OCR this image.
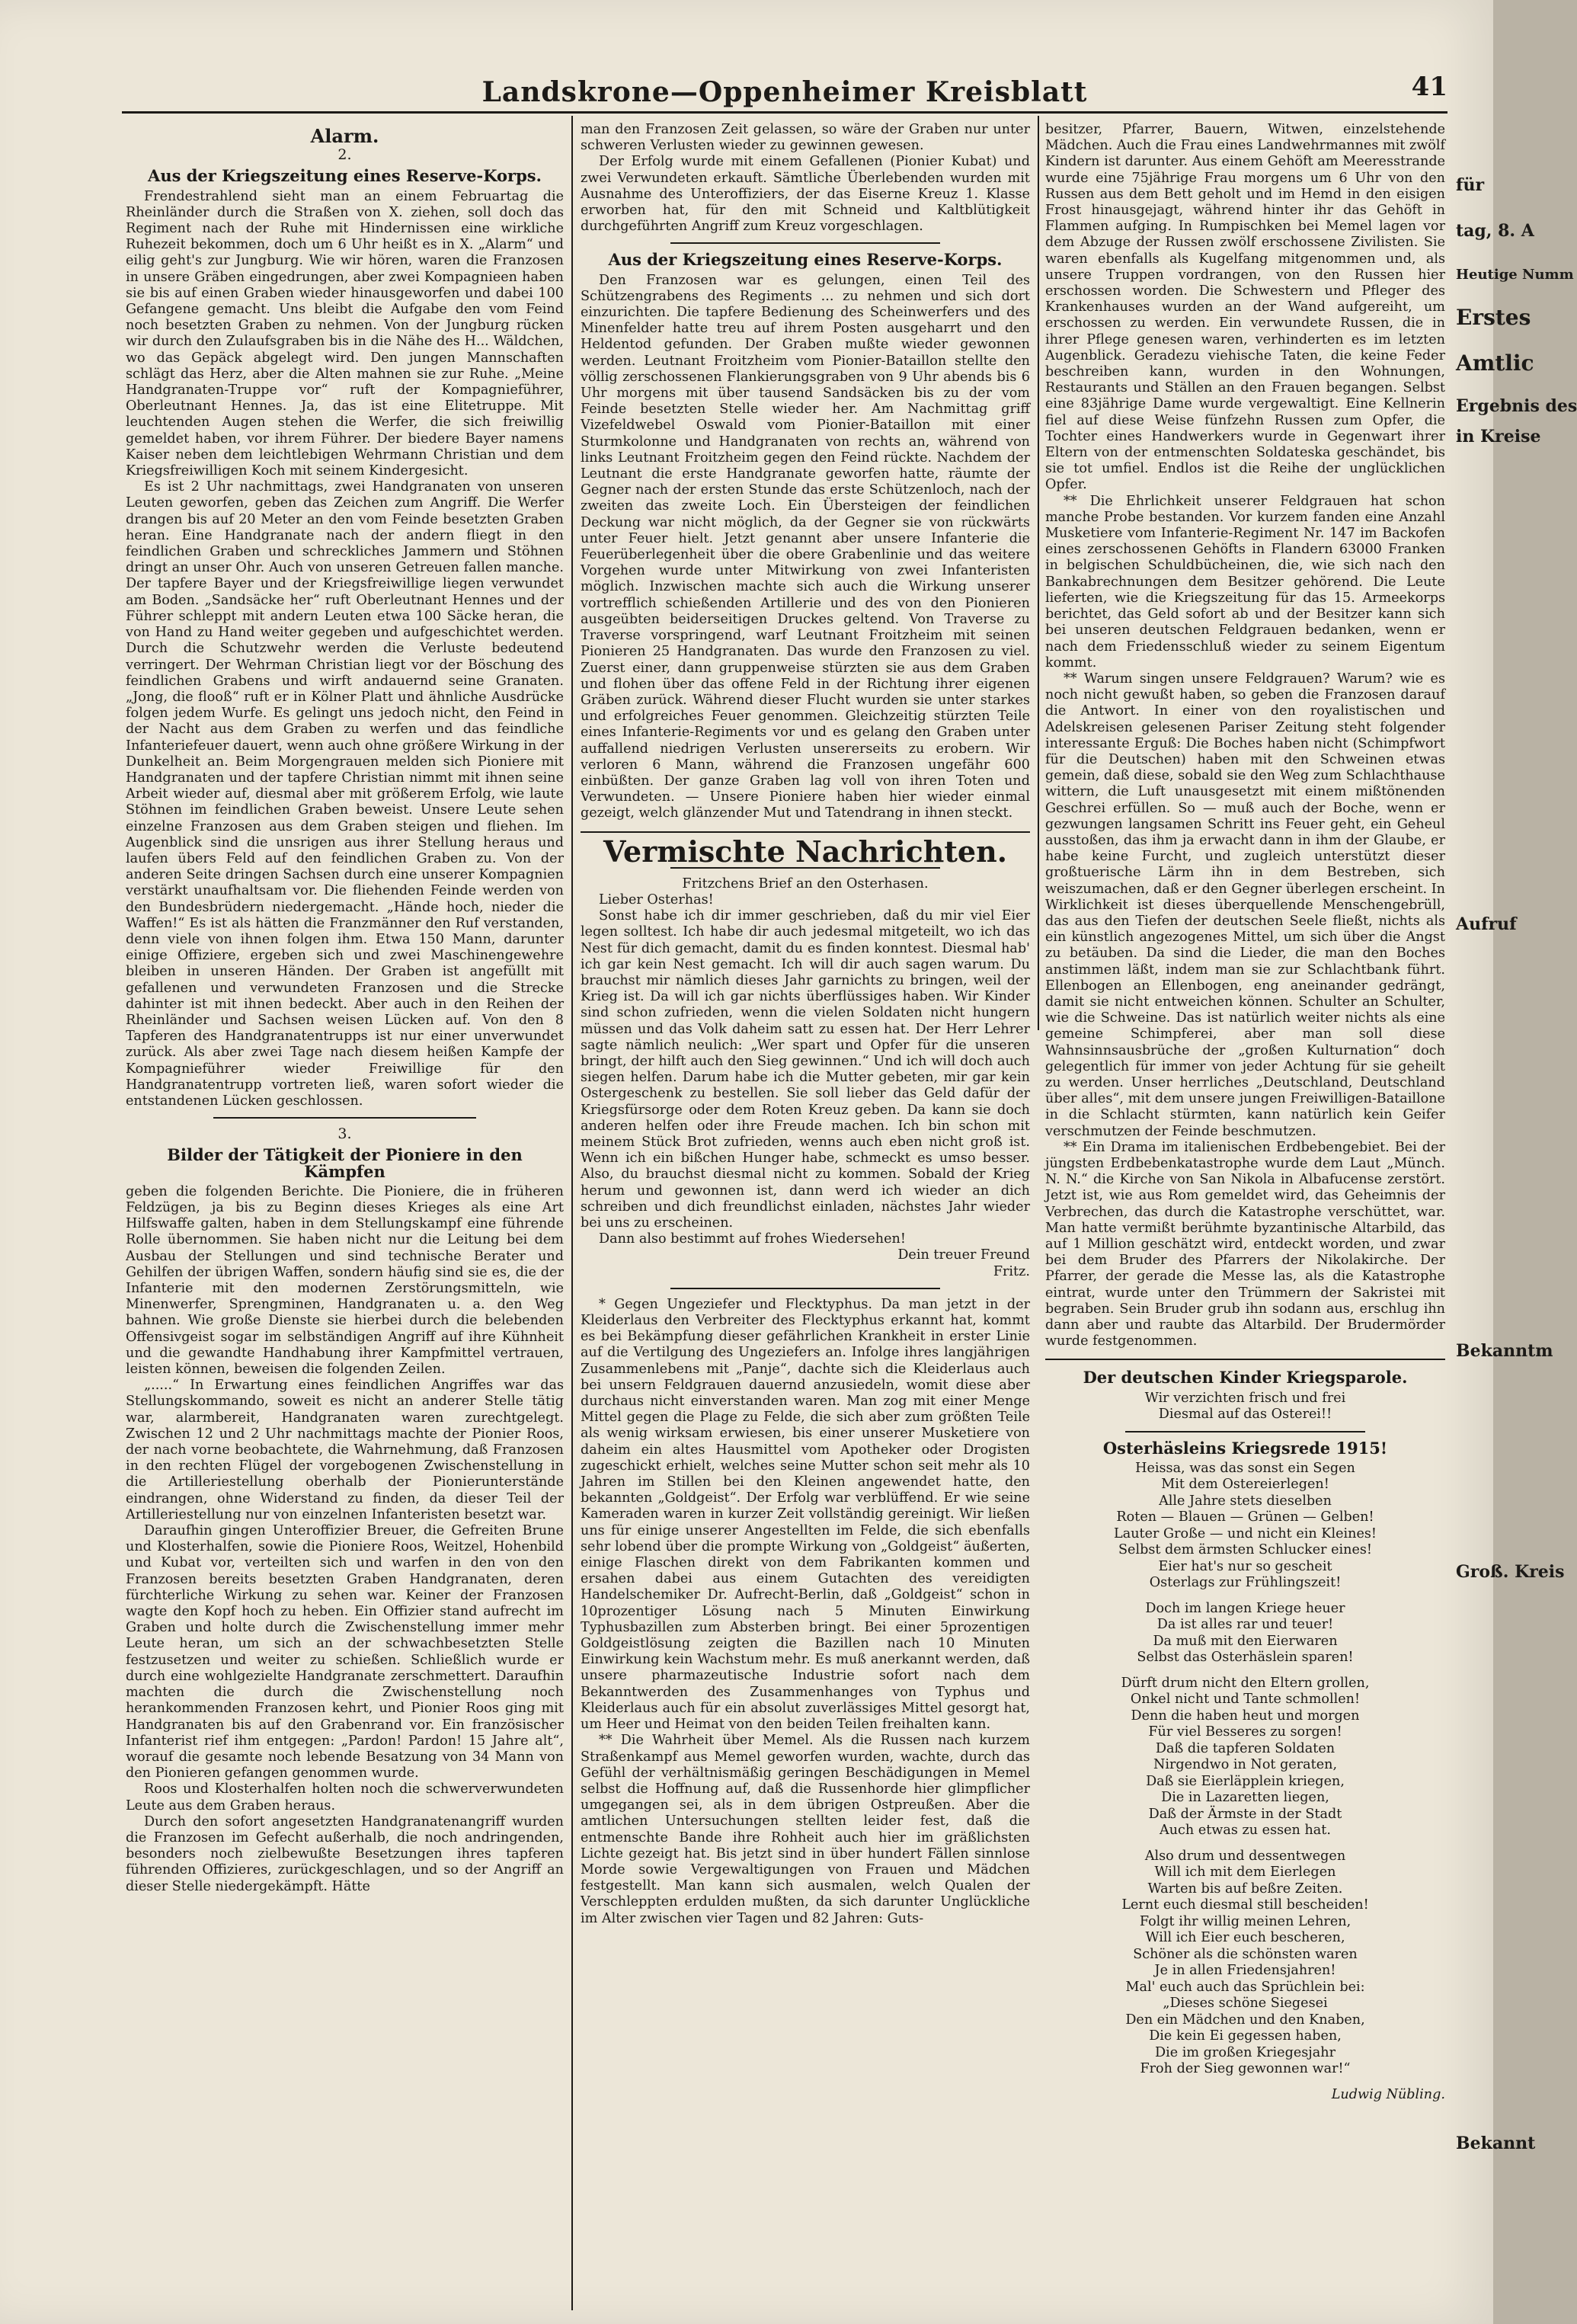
Landskrone—Oppenheimer Kreisblatt	41
Alarm.
2.
Aus der Kriegszeitung eines Reserve-Korps.

Frendestrahlend sieht man an einem Februartag die Rheinländer durch die Straßen von X. ziehen, soll doch das Regiment nach der Ruhe mit Hindernissen eine wirkliche Ruhezeit bekommen, doch um 6 Uhr heißt es in X. „Alarm“ und eilig geht's zur Jungburg. Wie wir hören, waren die Franzosen in unsere Gräben eingedrungen, aber zwei Kompagnieen haben sie bis auf einen Graben wieder hinausgeworfen und dabei 100 Gefangene gemacht. Uns bleibt die Aufgabe den vom Feind noch besetzten Graben zu nehmen. Von der Jungburg rücken wir durch den Zulaufsgraben bis in die Nähe des H... Wäldchen, wo das Gepäck abgelegt wird. Den jungen Mannschaften schlägt das Herz, aber die Alten mahnen sie zur Ruhe. „Meine Handgranaten-Truppe vor“ ruft der Kompagnieführer, Oberleutnant Hennes. Ja, das ist eine Elitetruppe. Mit leuchtenden Augen stehen die Werfer, die sich freiwillig gemeldet haben, vor ihrem Führer. Der biedere Bayer namens Kaiser neben dem leichtlebigen Wehrmann Christian und dem Kriegsfreiwilligen Koch mit seinem Kindergesicht.

Es ist 2 Uhr nachmittags, zwei Handgranaten von unseren Leuten geworfen, geben das Zeichen zum Angriff. Die Werfer drangen bis auf 20 Meter an den vom Feinde besetzten Graben heran. Eine Handgranate nach der andern fliegt in den feindlichen Graben und schreckliches Jammern und Stöhnen dringt an unser Ohr. Auch von unseren Getreuen fallen manche. Der tapfere Bayer und der Kriegsfreiwillige liegen verwundet am Boden. „Sandsäcke her“ ruft Oberleutnant Hennes und der Führer schleppt mit andern Leuten etwa 100 Säcke heran, die von Hand zu Hand weiter gegeben und aufgeschichtet werden. Durch die Schutzwehr werden die Verluste bedeutend verringert. Der Wehrman Christian liegt vor der Böschung des feindlichen Grabens und wirft andauernd seine Granaten. „Jong, die flooß“ ruft er in Kölner Platt und ähnliche Ausdrücke folgen jedem Wurfe. Es gelingt uns jedoch nicht, den Feind in der Nacht aus dem Graben zu werfen und das feindliche Infanteriefeuer dauert, wenn auch ohne größere Wirkung in der Dunkelheit an. Beim Morgengrauen melden sich Pioniere mit Handgranaten und der tapfere Christian nimmt mit ihnen seine Arbeit wieder auf, diesmal aber mit größerem Erfolg, wie laute Stöhnen im feindlichen Graben beweist. Unsere Leute sehen einzelne Franzosen aus dem Graben steigen und fliehen. Im Augenblick sind die unsrigen aus ihrer Stellung heraus und laufen übers Feld auf den feindlichen Graben zu. Von der anderen Seite dringen Sachsen durch eine unserer Kompagnien verstärkt unaufhaltsam vor. Die fliehenden Feinde werden von den Bundesbrüdern niedergemacht. „Hände hoch, nieder die Waffen!“ Es ist als hätten die Franzmänner den Ruf verstanden, denn viele von ihnen folgen ihm. Etwa 150 Mann, darunter einige Offiziere, ergeben sich und zwei Maschinengewehre bleiben in unseren Händen. Der Graben ist angefüllt mit gefallenen und verwundeten Franzosen und die Strecke dahinter ist mit ihnen bedeckt. Aber auch in den Reihen der Rheinländer und Sachsen weisen Lücken auf. Von den 8 Tapferen des Handgranatentrupps ist nur einer unverwundet zurück. Als aber zwei Tage nach diesem heißen Kampfe der Kompagnieführer wieder Freiwillige für den Handgranatentrupp vortreten ließ, waren sofort wieder die entstandenen Lücken geschlossen.

3.
Bilder der Tätigkeit der Pioniere in den Kämpfen

geben die folgenden Berichte. Die Pioniere, die in früheren Feldzügen, ja bis zu Beginn dieses Krieges als eine Art Hilfswaffe galten, haben in dem Stellungskampf eine führende Rolle übernommen. Sie haben nicht nur die Leitung bei dem Ausbau der Stellungen und sind technische Berater und Gehilfen der übrigen Waffen, sondern häufig sind sie es, die der Infanterie mit den modernen Zerstörungsmitteln, wie Minenwerfer, Sprengminen, Handgranaten u. a. den Weg bahnen. Wie große Dienste sie hierbei durch die belebenden Offensivgeist sogar im selbständigen Angriff auf ihre Kühnheit und die gewandte Handhabung ihrer Kampfmittel vertrauen, leisten können, beweisen die folgenden Zeilen.

„.....“ In Erwartung eines feindlichen Angriffes war das Stellungskommando, soweit es nicht an anderer Stelle tätig war, alarmbereit, Handgranaten waren zurechtgelegt. Zwischen 12 und 2 Uhr nachmittags machte der Pionier Roos, der nach vorne beobachtete, die Wahrnehmung, daß Franzosen in den rechten Flügel der vorgebogenen Zwischenstellung in die Artilleriestellung oberhalb der Pionierunterstände eindrangen, ohne Widerstand zu finden, da dieser Teil der Artilleriestellung nur von einzelnen Infanteristen besetzt war.

Daraufhin gingen Unteroffizier Breuer, die Gefreiten Brune und Klosterhalfen, sowie die Pioniere Roos, Weitzel, Hohenbild und Kubat vor, verteilten sich und warfen in den von den Franzosen bereits besetzten Graben Handgranaten, deren fürchterliche Wirkung zu sehen war. Keiner der Franzosen wagte den Kopf hoch zu heben. Ein Offizier stand aufrecht im Graben und holte durch die Zwischenstellung immer mehr Leute heran, um sich an der schwachbesetzten Stelle festzusetzen und weiter zu schießen. Schließlich wurde er durch eine wohlgezielte Handgranate zerschmettert. Daraufhin machten die durch die Zwischenstellung noch herankommenden Franzosen kehrt, und Pionier Roos ging mit Handgranaten bis auf den Grabenrand vor. Ein französischer Infanterist rief ihm entgegen: „Pardon! Pardon! 15 Jahre alt“, worauf die gesamte noch lebende Besatzung von 34 Mann von den Pionieren gefangen genommen wurde.

Roos und Klosterhalfen holten noch die schwerverwundeten Leute aus dem Graben heraus.

Durch den sofort angesetzten Handgranatenangriff wurden die Franzosen im Gefecht außerhalb, die noch andringenden, besonders noch zielbewußte Besetzungen ihres tapferen führenden Offizieres, zurückgeschlagen, und so der Angriff an dieser Stelle niedergekämpft. Hätte

man den Franzosen Zeit gelassen, so wäre der Graben nur unter schweren Verlusten wieder zu gewinnen gewesen.

Der Erfolg wurde mit einem Gefallenen (Pionier Kubat) und zwei Verwundeten erkauft. Sämtliche Überlebenden wurden mit Ausnahme des Unteroffiziers, der das Eiserne Kreuz 1. Klasse erworben hat, für den mit Schneid und Kaltblütigkeit durchgeführten Angriff zum Kreuz vorgeschlagen.

Aus der Kriegszeitung eines Reserve-Korps.

Den Franzosen war es gelungen, einen Teil des Schützengrabens des Regiments ... zu nehmen und sich dort einzurichten. Die tapfere Bedienung des Scheinwerfers und des Minenfelder hatte treu auf ihrem Posten ausgeharrt und den Heldentod gefunden. Der Graben mußte wieder gewonnen werden. Leutnant Froitzheim vom Pionier-Bataillon stellte den völlig zerschossenen Flankierungsgraben von 9 Uhr abends bis 6 Uhr morgens mit über tausend Sandsäcken bis zu der vom Feinde besetzten Stelle wieder her. Am Nachmittag griff Vizefeldwebel Oswald vom Pionier-Bataillon mit einer Sturmkolonne und Handgranaten von rechts an, während von links Leutnant Froitzheim gegen den Feind rückte. Nachdem der Leutnant die erste Handgranate geworfen hatte, räumte der Gegner nach der ersten Stunde das erste Schützenloch, nach der zweiten das zweite Loch. Ein Übersteigen der feindlichen Deckung war nicht möglich, da der Gegner sie von rückwärts unter Feuer hielt. Jetzt genannt aber unsere Infanterie die Feuerüberlegenheit über die obere Grabenlinie und das weitere Vorgehen wurde unter Mitwirkung von zwei Infanteristen möglich. Inzwischen machte sich auch die Wirkung unserer vortrefflich schießenden Artillerie und des von den Pionieren ausgeübten beiderseitigen Druckes geltend. Von Traverse zu Traverse vorspringend, warf Leutnant Froitzheim mit seinen Pionieren 25 Handgranaten. Das wurde den Franzosen zu viel. Zuerst einer, dann gruppenweise stürzten sie aus dem Graben und flohen über das offene Feld in der Richtung ihrer eigenen Gräben zurück. Während dieser Flucht wurden sie unter starkes und erfolgreiches Feuer genommen. Gleichzeitig stürzten Teile eines Infanterie-Regiments vor und es gelang den Graben unter auffallend niedrigen Verlusten unsererseits zu erobern. Wir verloren 6 Mann, während die Franzosen ungefähr 600 einbüßten. Der ganze Graben lag voll von ihren Toten und Verwundeten. — Unsere Pioniere haben hier wieder einmal gezeigt, welch glänzender Mut und Tatendrang in ihnen steckt.

Vermischte Nachrichten.

Fritzchens Brief an den Osterhasen.

Lieber Osterhas!

Sonst habe ich dir immer geschrieben, daß du mir viel Eier legen solltest. Ich habe dir auch jedesmal mitgeteilt, wo ich das Nest für dich gemacht, damit du es finden konntest. Diesmal hab' ich gar kein Nest gemacht. Ich will dir auch sagen warum. Du brauchst mir nämlich dieses Jahr garnichts zu bringen, weil der Krieg ist. Da will ich gar nichts überflüssiges haben. Wir Kinder sind schon zufrieden, wenn die vielen Soldaten nicht hungern müssen und das Volk daheim satt zu essen hat. Der Herr Lehrer sagte nämlich neulich: „Wer spart und Opfer für die unseren bringt, der hilft auch den Sieg gewinnen.“ Und ich will doch auch siegen helfen. Darum habe ich die Mutter gebeten, mir gar kein Ostergeschenk zu bestellen. Sie soll lieber das Geld dafür der Kriegsfürsorge oder dem Roten Kreuz geben. Da kann sie doch anderen helfen oder ihre Freude machen. Ich bin schon mit meinem Stück Brot zufrieden, wenns auch eben nicht groß ist. Wenn ich ein bißchen Hunger habe, schmeckt es umso besser. Also, du brauchst diesmal nicht zu kommen. Sobald der Krieg herum und gewonnen ist, dann werd ich wieder an dich schreiben und dich freundlichst einladen, nächstes Jahr wieder bei uns zu erscheinen.

Dann also bestimmt auf frohes Wiedersehen!

Dein treuer Freund

Fritz.

* Gegen Ungeziefer und Flecktyphus. Da man jetzt in der Kleiderlaus den Verbreiter des Flecktyphus erkannt hat, kommt es bei Bekämpfung dieser gefährlichen Krankheit in erster Linie auf die Vertilgung des Ungeziefers an. Infolge ihres langjährigen Zusammenlebens mit „Panje“, dachte sich die Kleiderlaus auch bei unsern Feldgrauen dauernd anzusiedeln, womit diese aber durchaus nicht einverstanden waren. Man zog mit einer Menge Mittel gegen die Plage zu Felde, die sich aber zum größten Teile als wenig wirksam erwiesen, bis einer unserer Musketiere von daheim ein altes Hausmittel vom Apotheker oder Drogisten zugeschickt erhielt, welches seine Mutter schon seit mehr als 10 Jahren im Stillen bei den Kleinen angewendet hatte, den bekannten „Goldgeist“. Der Erfolg war verblüffend. Er wie seine Kameraden waren in kurzer Zeit vollständig gereinigt. Wir ließen uns für einige unserer Angestellten im Felde, die sich ebenfalls sehr lobend über die prompte Wirkung von „Goldgeist“ äußerten, einige Flaschen direkt von dem Fabrikanten kommen und ersahen dabei aus einem Gutachten des vereidigten Handelschemiker Dr. Aufrecht-Berlin, daß „Goldgeist“ schon in 10prozentiger Lösung nach 5 Minuten Einwirkung Typhusbazillen zum Absterben bringt. Bei einer 5prozentigen Goldgeistlösung zeigten die Bazillen nach 10 Minuten Einwirkung kein Wachstum mehr. Es muß anerkannt werden, daß unsere pharmazeutische Industrie sofort nach dem Bekanntwerden des Zusammenhanges von Typhus und Kleiderlaus auch für ein absolut zuverlässiges Mittel gesorgt hat, um Heer und Heimat von den beiden Teilen freihalten kann.

** Die Wahrheit über Memel. Als die Russen nach kurzem Straßenkampf aus Memel geworfen wurden, wachte, durch das Gefühl der verhältnismäßig geringen Beschädigungen in Memel selbst die Hoffnung auf, daß die Russenhorde hier glimpflicher umgegangen sei, als in dem übrigen Ostpreußen. Aber die amtlichen Untersuchungen stellten leider fest, daß die entmenschte Bande ihre Rohheit auch hier im gräßlichsten Lichte gezeigt hat. Bis jetzt sind in über hundert Fällen sinnlose Morde sowie Vergewaltigungen von Frauen und Mädchen festgestellt. Man kann sich ausmalen, welch Qualen der Verschleppten erdulden mußten, da sich darunter Unglückliche im Alter zwischen vier Tagen und 82 Jahren: Guts-

besitzer, Pfarrer, Bauern, Witwen, einzelstehende Mädchen. Auch die Frau eines Landwehrmannes mit zwölf Kindern ist darunter. Aus einem Gehöft am Meeresstrande wurde eine 75jährige Frau morgens um 6 Uhr von den Russen aus dem Bett geholt und im Hemd in den eisigen Frost hinausgejagt, während hinter ihr das Gehöft in Flammen aufging. In Rumpischken bei Memel lagen vor dem Abzuge der Russen zwölf erschossene Zivilisten. Sie waren ebenfalls als Kugelfang mitgenommen und, als unsere Truppen vordrangen, von den Russen hier erschossen worden. Die Schwestern und Pfleger des Krankenhauses wurden an der Wand aufgereiht, um erschossen zu werden. Ein verwundete Russen, die in ihrer Pflege genesen waren, verhinderten es im letzten Augenblick. Geradezu viehische Taten, die keine Feder beschreiben kann, wurden in den Wohnungen, Restaurants und Ställen an den Frauen begangen. Selbst eine 83jährige Dame wurde vergewaltigt. Eine Kellnerin fiel auf diese Weise fünfzehn Russen zum Opfer, die Tochter eines Handwerkers wurde in Gegenwart ihrer Eltern von der entmenschten Soldateska geschändet, bis sie tot umfiel. Endlos ist die Reihe der unglücklichen Opfer.

** Die Ehrlichkeit unserer Feldgrauen hat schon manche Probe bestanden. Vor kurzem fanden eine Anzahl Musketiere vom Infanterie-Regiment Nr. 147 im Backofen eines zerschossenen Gehöfts in Flandern 63000 Franken in belgischen Schuldbücheinen, die, wie sich nach den Bankabrechnungen dem Besitzer gehörend. Die Leute lieferten, wie die Kriegszeitung für das 15. Armeekorps berichtet, das Geld sofort ab und der Besitzer kann sich bei unseren deutschen Feldgrauen bedanken, wenn er nach dem Friedensschluß wieder zu seinem Eigentum kommt.

** Warum singen unsere Feldgrauen? Warum? wie es noch nicht gewußt haben, so geben die Franzosen darauf die Antwort. In einer von den royalistischen und Adelskreisen gelesenen Pariser Zeitung steht folgender interessante Erguß: Die Boches haben nicht (Schimpfwort für die Deutschen) haben mit den Schweinen etwas gemein, daß diese, sobald sie den Weg zum Schlachthause wittern, die Luft unausgesetzt mit einem mißtönenden Geschrei erfüllen. So — muß auch der Boche, wenn er gezwungen langsamen Schritt ins Feuer geht, ein Geheul ausstoßen, das ihm ja erwacht dann in ihm der Glaube, er habe keine Furcht, und zugleich unterstützt dieser großtuerische Lärm ihn in dem Bestreben, sich weiszumachen, daß er den Gegner überlegen erscheint. In Wirklichkeit ist dieses überquellende Menschengebrüll, das aus den Tiefen der deutschen Seele fließt, nichts als ein künstlich angezogenes Mittel, um sich über die Angst zu betäuben. Da sind die Lieder, die man den Boches anstimmen läßt, indem man sie zur Schlachtbank führt. Ellenbogen an Ellenbogen, eng aneinander gedrängt, damit sie nicht entweichen können. Schulter an Schulter, wie die Schweine. Das ist natürlich weiter nichts als eine gemeine Schimpferei, aber man soll diese Wahnsinnsausbrüche der „großen Kulturnation“ doch gelegentlich für immer von jeder Achtung für sie geheilt zu werden. Unser herrliches „Deutschland, Deutschland über alles“, mit dem unsere jungen Freiwilligen-Bataillone in die Schlacht stürmten, kann natürlich kein Geifer verschmutzen der Feinde beschmutzen.

** Ein Drama im italienischen Erdbebengebiet. Bei der jüngsten Erdbebenkatastrophe wurde dem Laut „Münch. N. N.“ die Kirche von San Nikola in Albafucense zerstört. Jetzt ist, wie aus Rom gemeldet wird, das Geheimnis der Verbrechen, das durch die Katastrophe verschüttet, war. Man hatte vermißt berühmte byzantinische Altarbild, das auf 1 Million geschätzt wird, entdeckt worden, und zwar bei dem Bruder des Pfarrers der Nikolakirche. Der Pfarrer, der gerade die Messe las, als die Katastrophe eintrat, wurde unter den Trümmern der Sakristei mit begraben. Sein Bruder grub ihn sodann aus, erschlug ihn dann aber und raubte das Altarbild. Der Brudermörder wurde festgenommen.

Der deutschen Kinder Kriegsparole.
Wir verzichten frisch und frei
Diesmal auf das Osterei!!
Osterhäsleins Kriegsrede 1915!
Heissa, was das sonst ein Segen
Mit dem Ostereierlegen!
Alle Jahre stets dieselben
Roten — Blauen — Grünen — Gelben!
Lauter Große — und nicht ein Kleines!
Selbst dem ärmsten Schlucker eines!
Eier hat's nur so gescheit
Osterlags zur Frühlingszeit!
Doch im langen Kriege heuer
Da ist alles rar und teuer!
Da muß mit den Eierwaren
Selbst das Osterhäslein sparen!
Dürft drum nicht den Eltern grollen,
Onkel nicht und Tante schmollen!
Denn die haben heut und morgen
Für viel Besseres zu sorgen!
Daß die tapferen Soldaten
Nirgendwo in Not geraten,
Daß sie Eierläpplein kriegen,
Die in Lazaretten liegen,
Daß der Ärmste in der Stadt
Auch etwas zu essen hat.
Also drum und dessentwegen
Will ich mit dem Eierlegen
Warten bis auf beßre Zeiten.
Lernt euch diesmal still bescheiden!
Folgt ihr willig meinen Lehren,
Will ich Eier euch bescheren,
Schöner als die schönsten waren
Je in allen Friedensjahren!
Mal' euch auch das Sprüchlein bei:
„Dieses schöne Siegesei
Den ein Mädchen und den Knaben,
Die kein Ei gegessen haben,
Die im großen Kriegesjahr
Froh der Sieg gewonnen war!“
Ludwig Nübling.
für
tag, 8. A
Heutige Numm
Erstes
Amtlic
Ergebnis des
in Kreise
Aufruf
Bekanntm
Groß. Kreis
Bekannt
